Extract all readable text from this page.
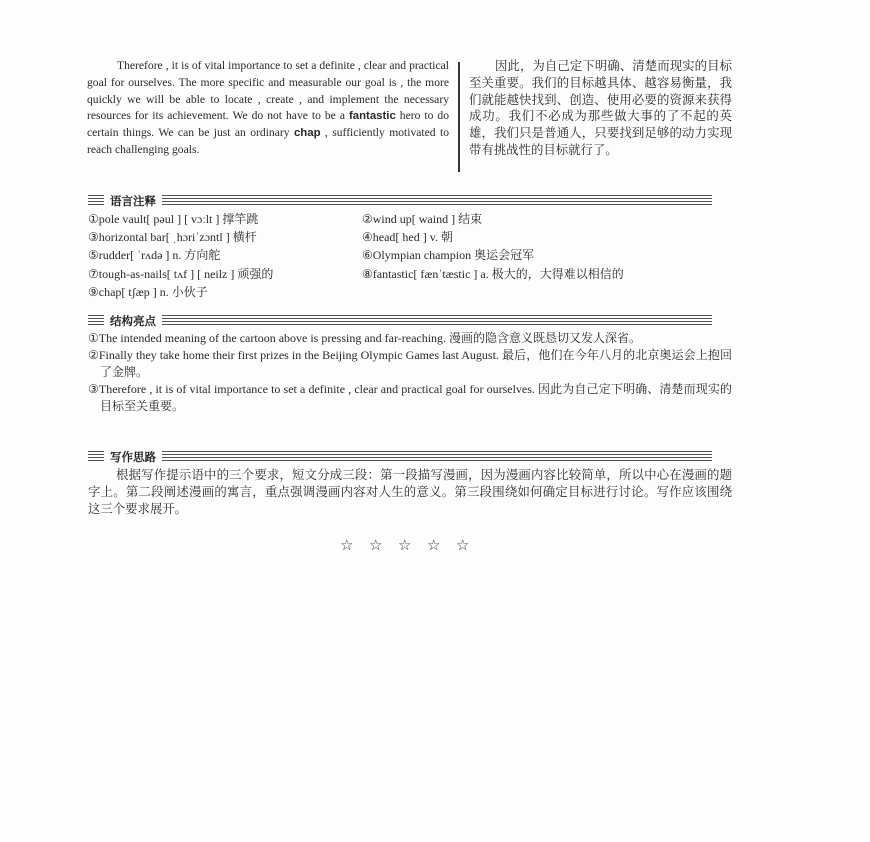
Therefore , it is of vital importance to set a definite , clear and practical goal for ourselves. The more specific and measurable our goal is , the more quickly we will be able to locate , create , and implement the necessary resources for its achievement. We do not have to be a fantastic hero to do certain things. We can be just an ordinary chap , sufficiently motivated to reach challenging goals.

因此，为自己定下明确、清楚而现实的目标至关重要。我们的目标越具体、越容易衡量，我们就能越快找到、创造、使用必要的资源来获得成功。我们不必成为那些做大事的了不起的英雄，我们只是普通人，只要找到足够的动力实现带有挑战性的目标就行了。

语言注释
①pole vault[ pəul ] [ vɔːlt ] 撑竿跳	②wind up[ waind ] 结束
③horizontal bar[ ˌhɔriˈzɔntl ] 横杆	④head[ hed ] v. 朝
⑤rudder[ ˈrʌdə ] n. 方向舵	⑥Olympian champion 奥运会冠军
⑦tough-as-nails[ tʌf ] [ neilz ] 顽强的	⑧fantastic[ fænˈtæstic ] a. 极大的，大得难以相信的
⑨chap[ tʃæp ] n. 小伙子
结构亮点

①The intended meaning of the cartoon above is pressing and far-reaching. 漫画的隐含意义既恳切又发人深省。

②Finally they take home their first prizes in the Beijing Olympic Games last August. 最后，他们在今年八月的北京奥运会上抱回了金牌。

③Therefore , it is of vital importance to set a definite , clear and practical goal for ourselves. 因此为自己定下明确、清楚而现实的目标至关重要。

写作思路

根据写作提示语中的三个要求，短文分成三段：第一段描写漫画，因为漫画内容比较简单，所以中心在漫画的题字上。第二段阐述漫画的寓言，重点强调漫画内容对人生的意义。第三段围绕如何确定目标进行讨论。写作应该围绕这三个要求展开。

☆ ☆ ☆ ☆ ☆
